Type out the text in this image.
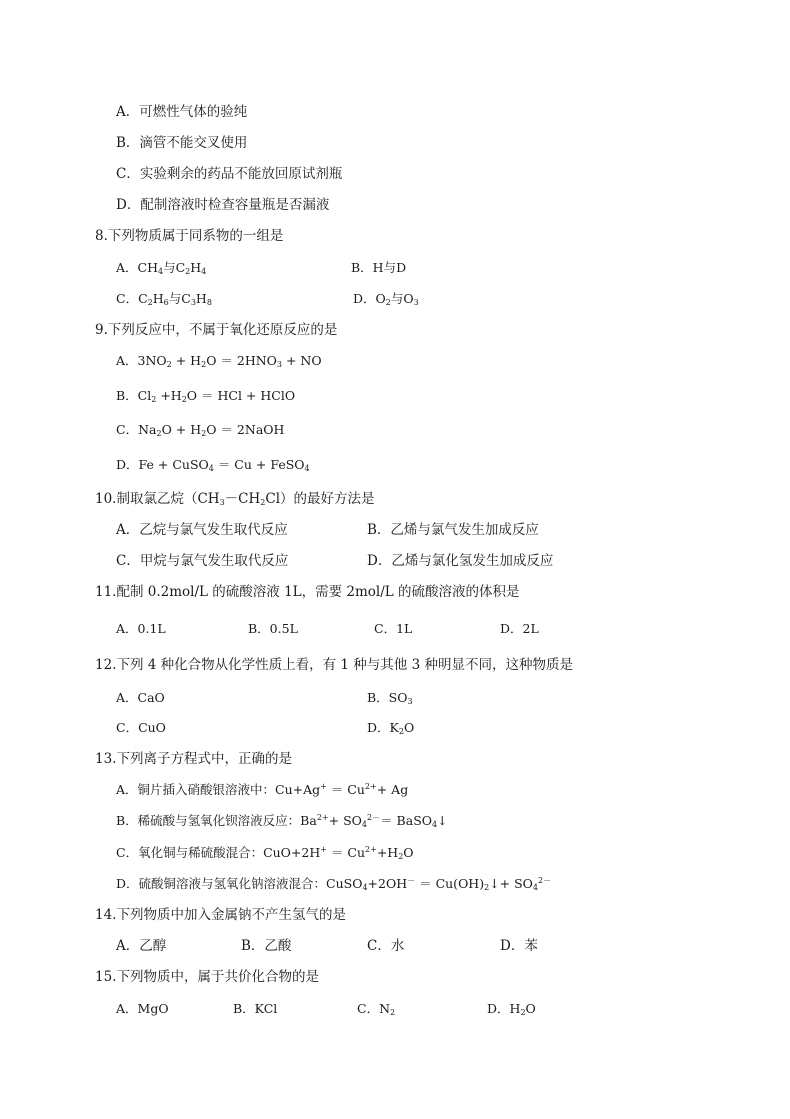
A．可燃性气体的验纯
B．滴管不能交叉使用
C．实验剩余的药品不能放回原试剂瓶
D．配制溶液时检查容量瓶是否漏液
8.下列物质属于同系物的一组是
A．$CH_4$与$C_2H_4$	B．H与D
C．$C_2H_6$与$C_3H_8$	D．$O_2$与$O_3$
9.下列反应中，不属于氧化还原反应的是
A．$3NO_2 + H_2O = 2HNO_3$ + NO
B．$Cl_2 +H_2O$ ＝ HCl + HClO
C．$Na_2O + H_2O$ ＝ 2NaOH
D．Fe + CuSO$_4$ ＝ Cu + FeSO$_4$
10.制取氯乙烷$(CH_3-CH_2Cl)$的最好方法是
A．乙烷与氯气发生取代反应	B．乙烯与氯气发生加成反应
C．甲烷与氯气发生取代反应	D．乙烯与氯化氢发生加成反应
11.配制 0.2mol/L 的硫酸溶液 1L，需要 2mol/L 的硫酸溶液的体积是
A．0.1L	B．0.5L	C．1L	D．2L
12.下列 4 种化合物从化学性质上看，有 1 种与其他 3 种明显不同，这种物质是
A．CaO	B．$SO_3$
C．CuO	D．$K_2O$
13.下列离子方程式中，正确的是
A．铜片插入硝酸银溶液中：$Cu+Ag^+ = Cu^{2+}+ Ag$
B．稀硫酸与氢氧化钡溶液反应：$Ba^{2+}+ SO_4^{2-}=$ BaSO$_4$↓
C．氧化铜与稀硫酸混合：$CuO+2H^+ = Cu^{2+}+H_2O$
D．硫酸铜溶液与氢氧化钠溶液混合：CuSO$_4$+2OH－ ＝ $Cu(OH)_2↓+ SO_4^{2-}$
14.下列物质中加入金属钠不产生氢气的是
A．乙醇	B．乙酸	C．水	D．苯
15.下列物质中，属于共价化合物的是
A．MgO	B．KCl	C．$N_2$	D．$H_2O$
